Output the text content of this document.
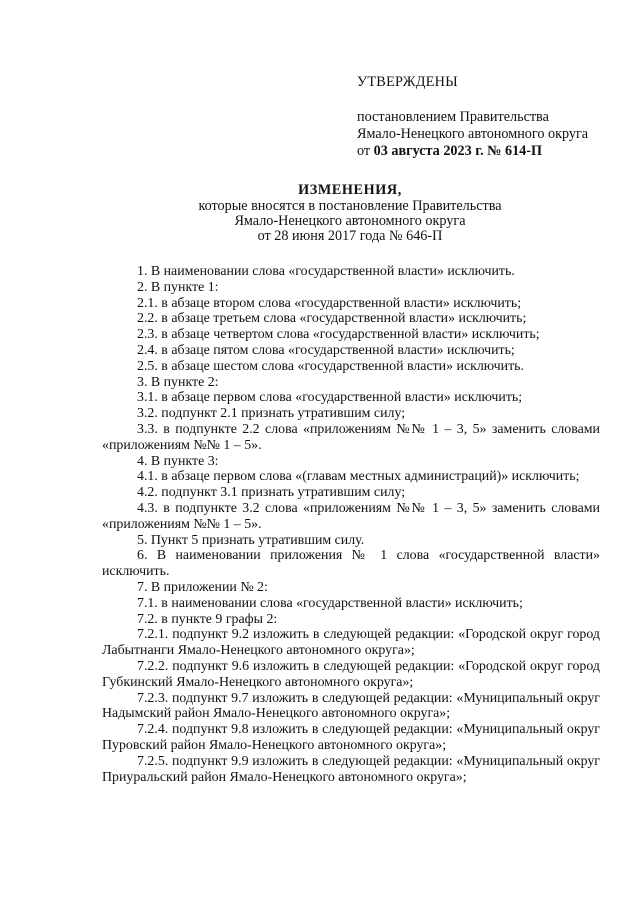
УТВЕРЖДЕНЫ
постановлением Правительства
Ямало-Ненецкого автономного округа
от 03 августа 2023 г. № 614-П
ИЗМЕНЕНИЯ,
которые вносятся в постановление Правительства
Ямало-Ненецкого автономного округа
от 28 июня 2017 года № 646-П
1. В наименовании слова «государственной власти» исключить.
2. В пункте 1:
2.1. в абзаце втором слова «государственной власти» исключить;
2.2. в абзаце третьем слова «государственной власти» исключить;
2.3. в абзаце четвертом слова «государственной власти» исключить;
2.4. в абзаце пятом слова «государственной власти» исключить;
2.5. в абзаце шестом слова «государственной власти» исключить.
3. В пункте 2:
3.1. в абзаце первом слова «государственной власти» исключить;
3.2. подпункт 2.1 признать утратившим силу;
3.3. в подпункте 2.2 слова «приложениям №№ 1 – 3, 5» заменить словами «приложениям №№ 1 – 5».
4. В пункте 3:
4.1. в абзаце первом слова «(главам местных администраций)» исключить;
4.2. подпункт 3.1 признать утратившим силу;
4.3. в подпункте 3.2 слова «приложениям №№ 1 – 3, 5» заменить словами «приложениям №№ 1 – 5».
5. Пункт 5 признать утратившим силу.
6. В наименовании приложения № 1 слова «государственной власти» исключить.
7. В приложении № 2:
7.1. в наименовании слова «государственной власти» исключить;
7.2. в пункте 9 графы 2:
7.2.1. подпункт 9.2 изложить в следующей редакции: «Городской округ город Лабытнанги Ямало-Ненецкого автономного округа»;
7.2.2. подпункт 9.6 изложить в следующей редакции: «Городской округ город Губкинский Ямало-Ненецкого автономного округа»;
7.2.3. подпункт 9.7 изложить в следующей редакции: «Муниципальный округ Надымский район Ямало-Ненецкого автономного округа»;
7.2.4. подпункт 9.8 изложить в следующей редакции: «Муниципальный округ Пуровский район Ямало-Ненецкого автономного округа»;
7.2.5. подпункт 9.9 изложить в следующей редакции: «Муниципальный округ Приуральский район Ямало-Ненецкого автономного округа»;
